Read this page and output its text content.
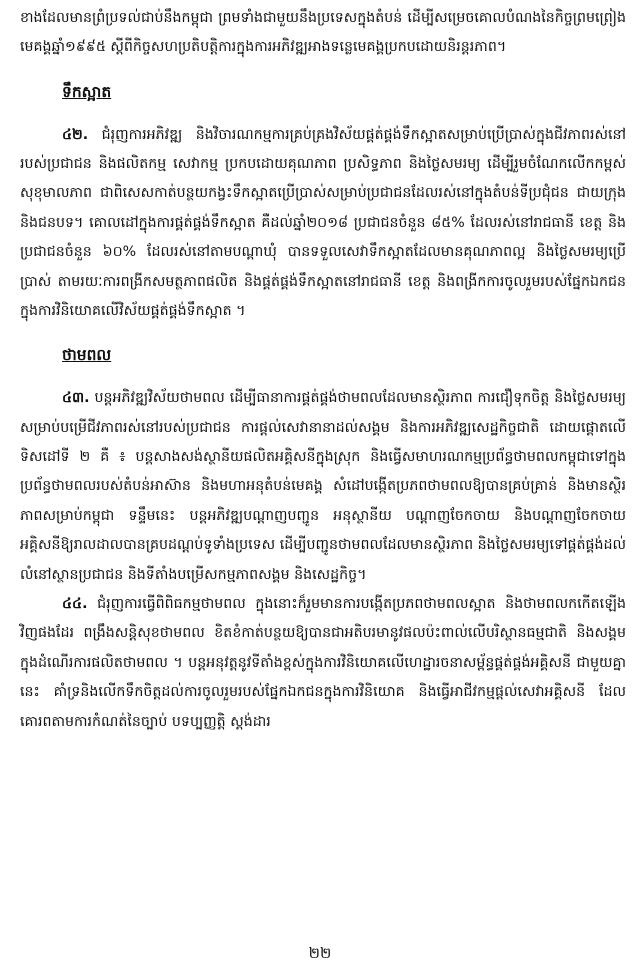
ខាងដែលមានព្រំប្រទល់ជាប់នឹងកម្ពុជា ព្រមទាំងជាមួយនឹងប្រទេសក្នុងតំបន់ ដើម្បីសម្រេចគោលបំណងនៃកិច្ចព្រមព្រៀងមេគង្គឆ្នាំ១៩៩៥ ស្ដីពីកិច្ចសហប្រតិបត្តិការក្នុងការអភិវឌ្ឍអាងទន្លេមេគង្គប្រកបដោយនិរន្តរភាព។

ទឹកស្អាត

៤២. ជំរុញការអភិវឌ្ឍ និងវិចារណកម្មការគ្រប់គ្រងវិស័យផ្គត់ផ្គង់ទឹកស្អាតសម្រាប់ប្រើប្រាស់ក្នុងជីវភាពរស់នៅរបស់ប្រជាជន និងផលិតកម្ម សេវាកម្ម ប្រកបដោយគុណភាព ប្រសិទ្ធភាព និងថ្លៃសមរម្យ ដើម្បីរួមចំណែកលើកកម្ពស់សុខុមាលភាព ជាពិសេសកាត់បន្ថយកង្វះទឹកស្អាតប្រើប្រាស់សម្រាប់ប្រជាជនដែលរស់នៅក្នុងតំបន់ទីប្រជុំជន ជាយក្រុង និងជនបទ។ គោលដៅក្នុងការផ្គត់ផ្គង់ទឹកស្អាត គឺដល់ឆ្នាំ២០១៨ ប្រជាជនចំនួន ៨៥% ដែលរស់នៅរាជធានី ខេត្ត និងប្រជាជនចំនួន ៦០% ដែលរស់នៅតាមបណ្ដាឃុំ បានទទួលសេវាទឹកស្អាតដែលមានគុណភាពល្អ និងថ្លៃសមរម្យប្រើប្រាស់ តាមរយៈការពង្រីកសមត្ថភាពផលិត និងផ្គត់ផ្គង់ទឹកស្អាតនៅរាជធានី ខេត្ត និងពង្រីកការចូលរួមរបស់ផ្នែកឯកជនក្នុងការវិនិយោគលើវិស័យផ្គត់ផ្គង់ទឹកស្អាត ។

ថាមពល

៤៣. បន្តអភិវឌ្ឍវិស័យថាមពល ដើម្បីធានាការផ្គត់ផ្គង់ថាមពលដែលមានស្ថិរភាព ការជឿទុកចិត្ត និងថ្លៃសមរម្យ សម្រាប់បម្រើជីវភាពរស់នៅរបស់ប្រជាជន ការផ្ដល់សេវានានាដល់សង្គម និងការអភិវឌ្ឍសេដ្ឋកិច្ចជាតិ ដោយផ្ដោតលើទិសដៅទី ២ គឺ ៖ បន្តសាងសង់ស្ថានីយផលិតអគ្គិសនីក្នុងស្រុក និងធ្វើសមាហរណកម្មប្រព័ន្ធថាមពលកម្ពុជាទៅក្នុងប្រព័ន្ធថាមពលរបស់តំបន់អាស៊ាន និងមហាអនុតំបន់មេគង្គ សំដៅបង្កើតប្រភពថាមពលឱ្យបានគ្រប់គ្រាន់ និងមានស្ថិរភាពសម្រាប់កម្ពុជា ទន្ទឹមនេះ បន្តអភិវឌ្ឍបណ្ដាញបញ្ជូន អនុស្ថានីយ បណ្ដាញចែកចាយ និងបណ្ដាញចែកចាយអគ្គិសនីឱ្យរាលដាលបានគ្របដណ្ដប់ទូទាំងប្រទេស ដើម្បីបញ្ជូនថាមពលដែលមានស្ថិរភាព និងថ្លៃសមរម្យទៅផ្គត់ផ្គង់ដល់លំនៅស្ថានប្រជាជន និងទីតាំងបម្រើសកម្មភាពសង្គម និងសេដ្ឋកិច្ច។

៤៤. ជំរុញការធ្វើពិពិធកម្មថាមពល ក្នុងនោះក៏រួមមានការបង្កើតប្រភពថាមពលស្អាត និងថាមពលកកើតឡើងវិញផងដែរ ពង្រឹងសន្តិសុខថាមពល ខិតខំកាត់បន្ថយឱ្យបានជាអតិបរមានូវផលប៉ះពាល់លើបរិស្ថានធម្មជាតិ និងសង្គមក្នុងដំណើរការផលិតថាមពល ។ បន្តអនុវត្តនូវទីតាំងខ្ពស់ក្នុងការវិនិយោគលើហេដ្ឋារចនាសម្ព័ន្ធផ្គត់ផ្គង់អគ្គិសនី ជាមួយគ្នានេះ គាំទ្រនិងលើកទឹកចិត្តដល់ការចូលរួមរបស់ផ្នែកឯកជនក្នុងការវិនិយោគ និងធ្វើអាជីវកម្មផ្ដល់សេវាអគ្គិសនី ដែលគោរពតាមការកំណត់នៃច្បាប់ បទប្បញ្ញត្តិ ស្ដង់ដារ

២២
